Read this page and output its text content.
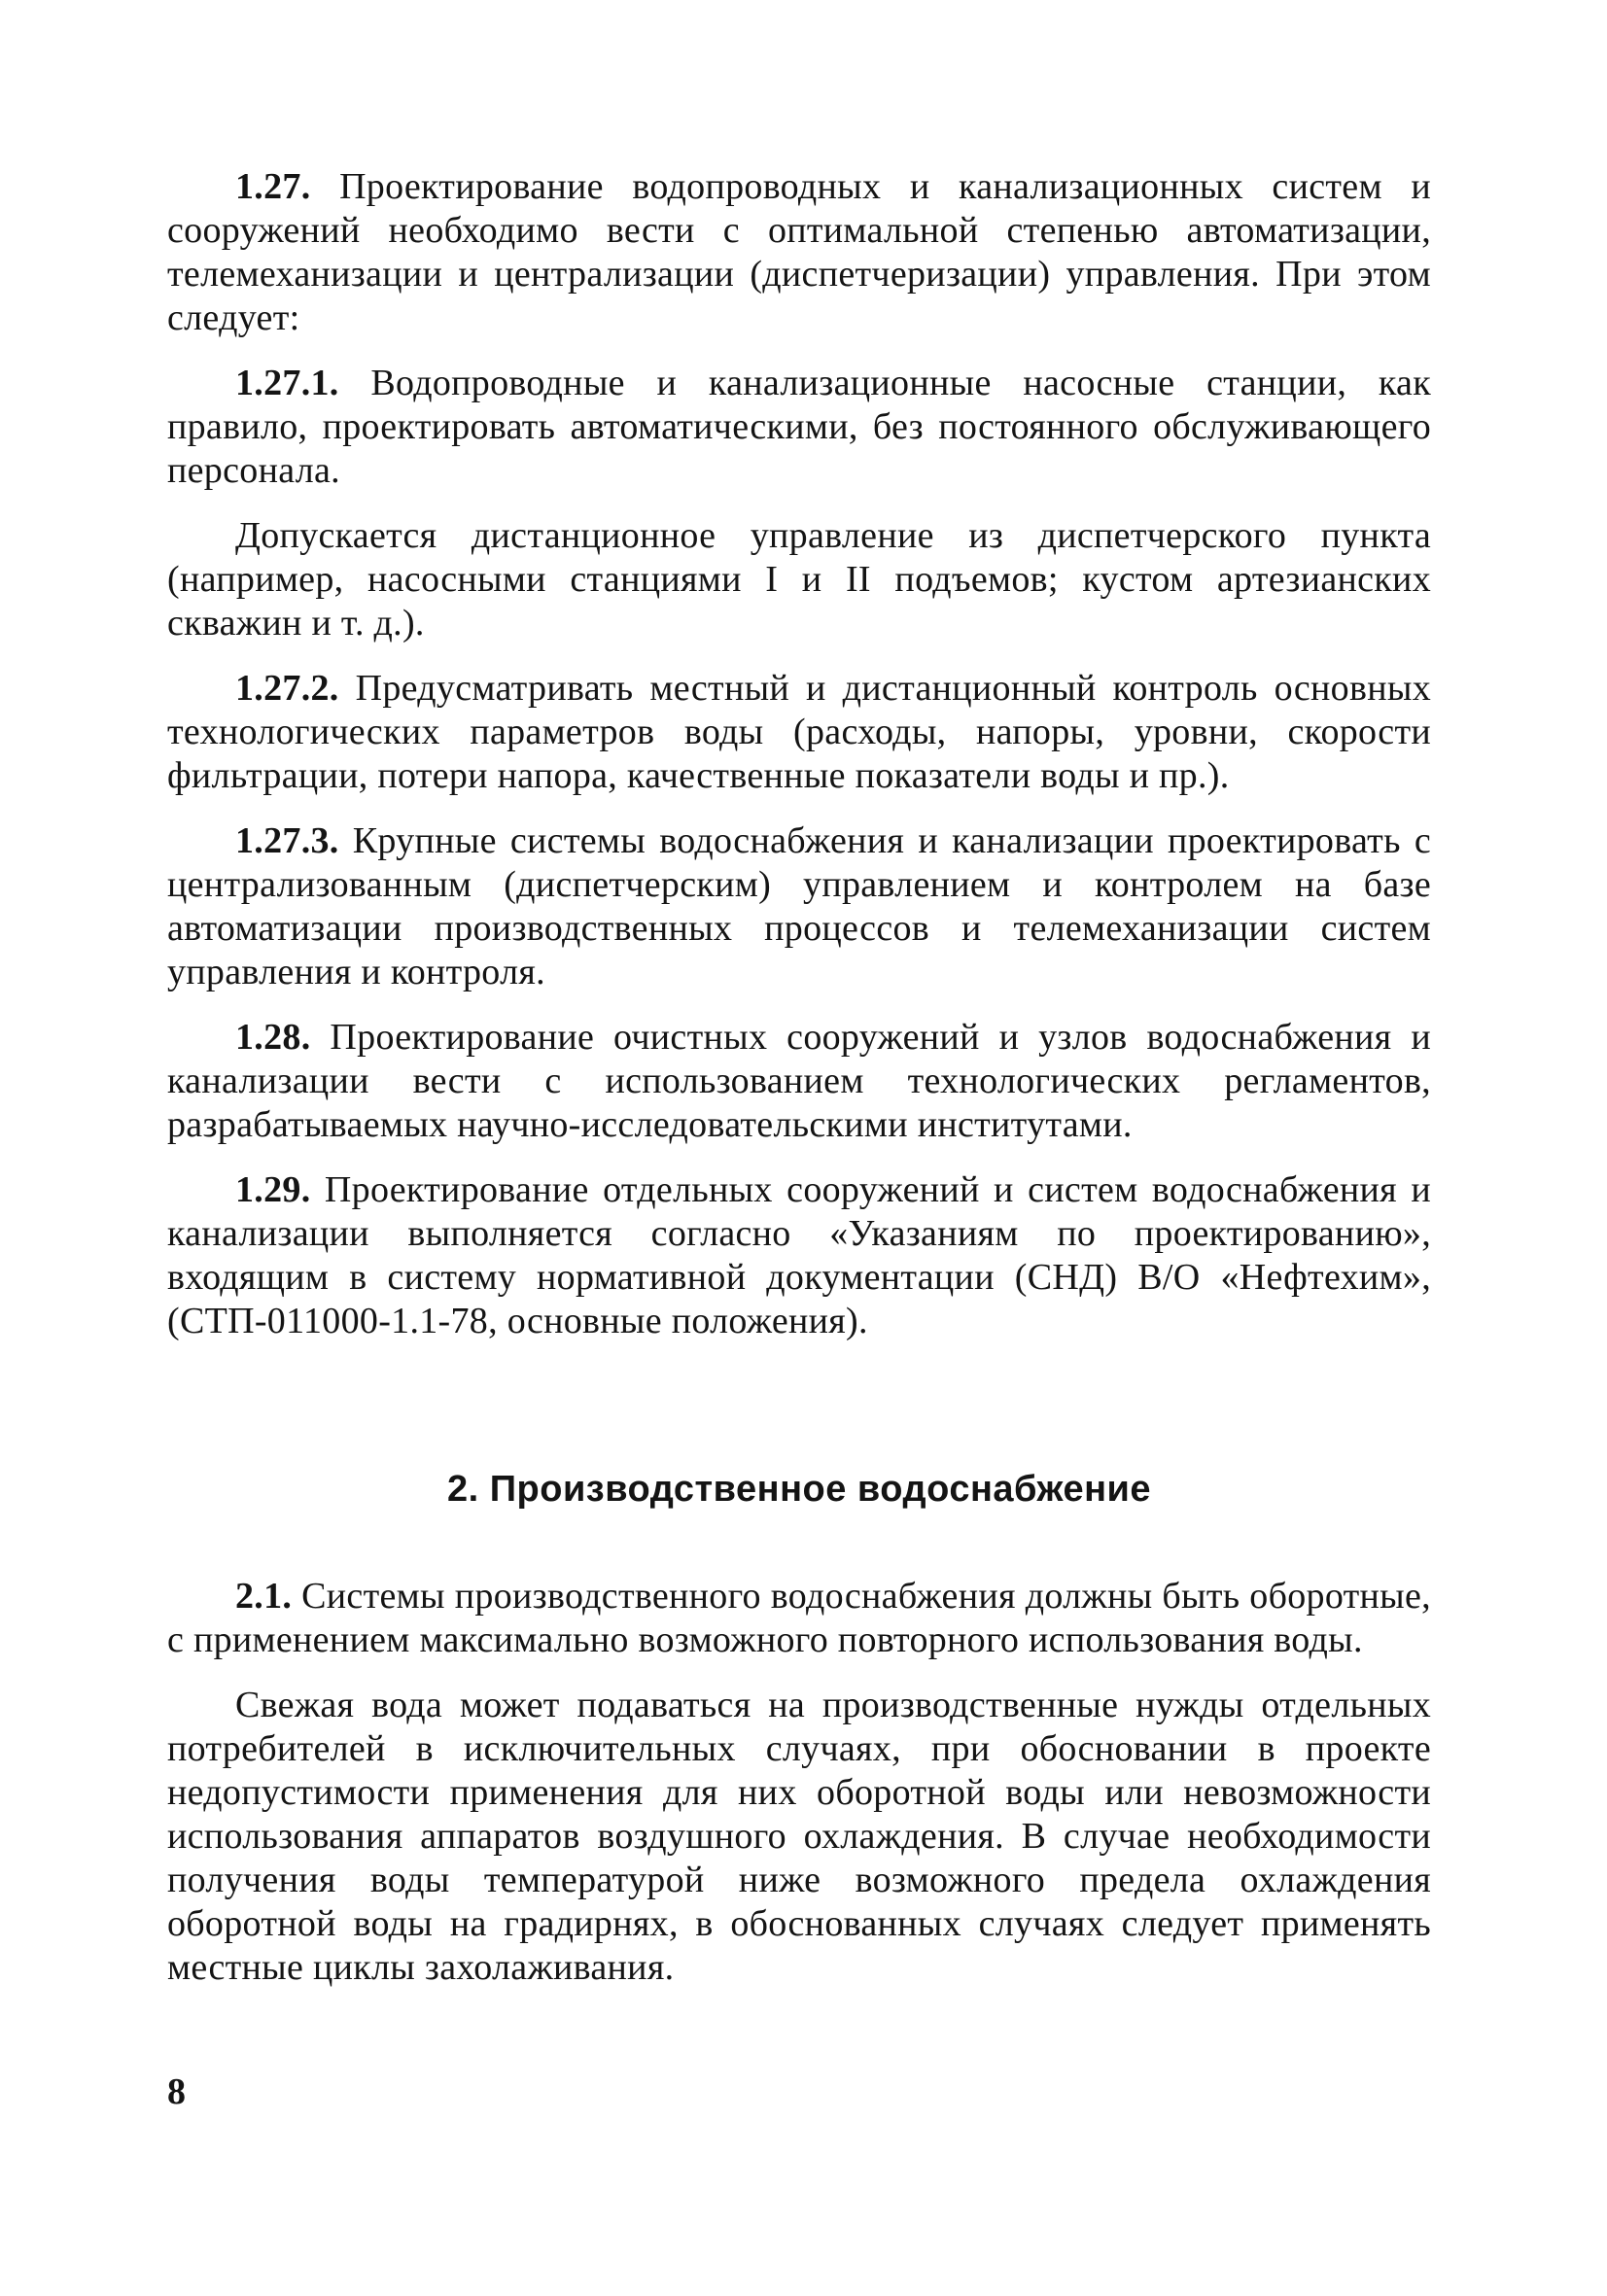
1.27. Проектирование водопроводных и канализационных систем и сооружений необходимо вести с оптимальной степенью автоматизации, телемеханизации и централизации (диспетчеризации) управления. При этом следует:

1.27.1. Водопроводные и канализационные насосные станции, как правило, проектировать автоматическими, без постоянного обслуживающего персонала.

Допускается дистанционное управление из диспетчерского пункта (например, насосными станциями I и II подъемов; кустом артезианских скважин и т. д.).

1.27.2. Предусматривать местный и дистанционный контроль основных технологических параметров воды (расходы, напоры, уровни, скорости фильтрации, потери напора, качественные показатели воды и пр.).

1.27.3. Крупные системы водоснабжения и канализации проектировать с централизованным (диспетчерским) управлением и контролем на базе автоматизации производственных процессов и телемеханизации систем управления и контроля.

1.28. Проектирование очистных сооружений и узлов водоснабжения и канализации вести с использованием технологических регламентов, разрабатываемых научно-исследовательскими институтами.

1.29. Проектирование отдельных сооружений и систем водоснабжения и канализации выполняется согласно «Указаниям по проектированию», входящим в систему нормативной документации (СНД) В/О «Нефтехим», (СТП-011000-1.1-78, основные положения).

2. Производственное водоснабжение

2.1. Системы производственного водоснабжения должны быть оборотные, с применением максимально возможного повторного использования воды.

Свежая вода может подаваться на производственные нужды отдельных потребителей в исключительных случаях, при обосновании в проекте недопустимости применения для них оборотной воды или невозможности использования аппаратов воздушного охлаждения. В случае необходимости получения воды температурой ниже возможного предела охлаждения оборотной воды на градирнях, в обоснованных случаях следует применять местные циклы захолаживания.

8
